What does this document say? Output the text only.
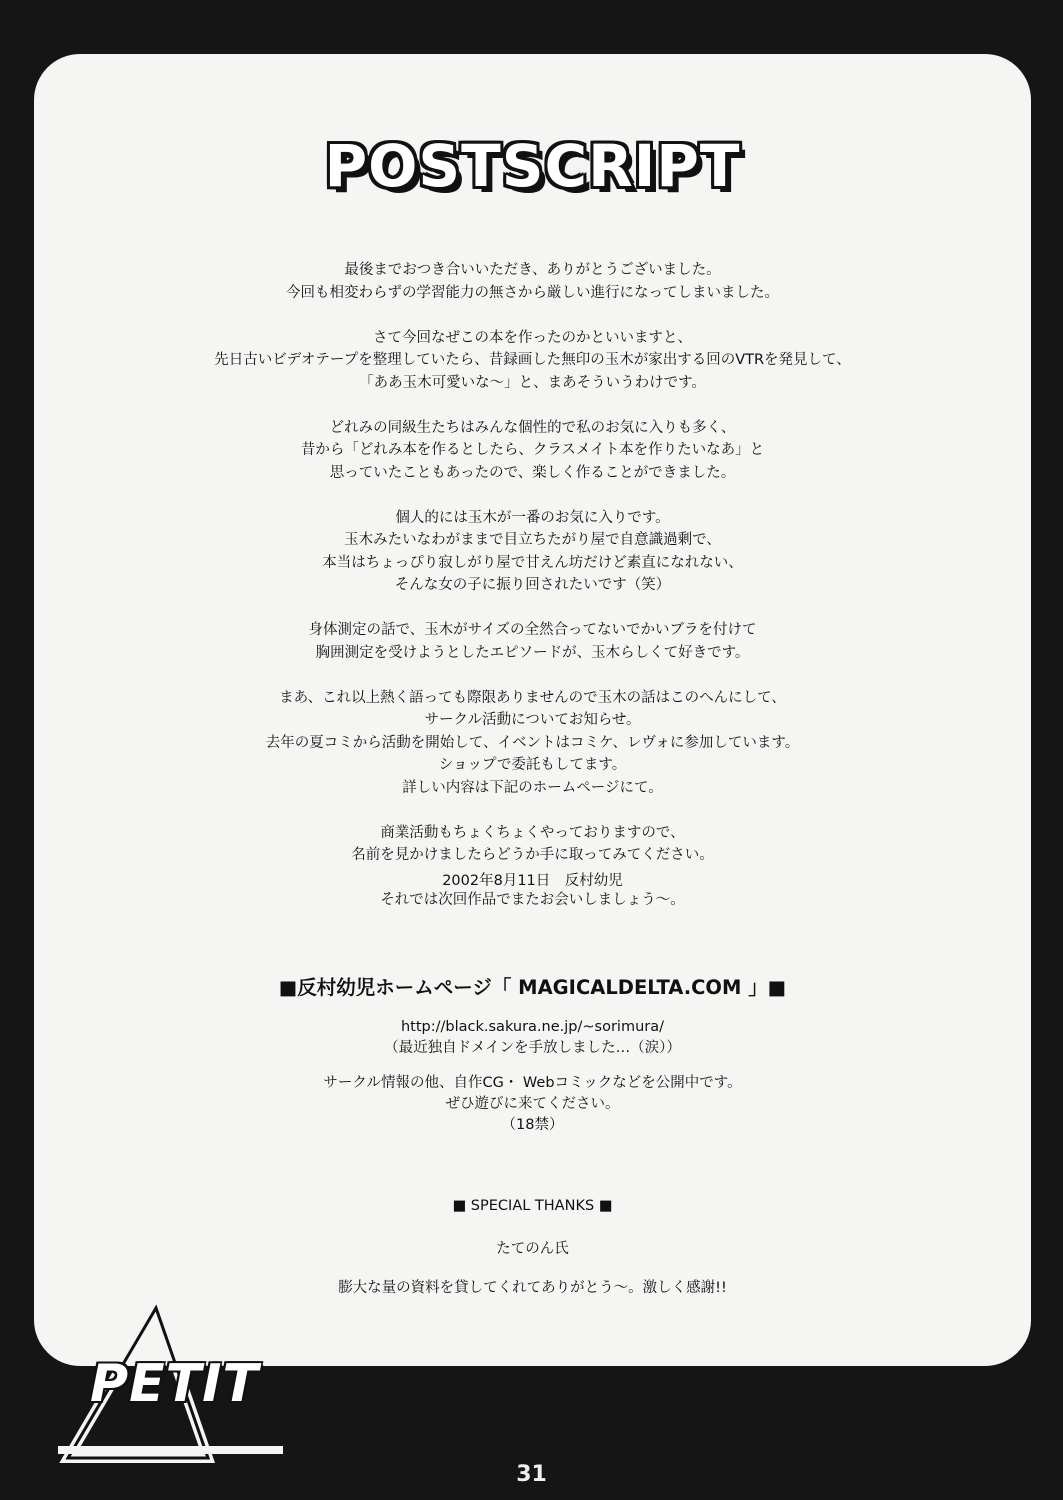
POSTSCRIPT

最後までおつき合いいただき、ありがとうございました。

今回も相変わらずの学習能力の無さから厳しい進行になってしまいました。

さて今回なぜこの本を作ったのかといいますと、

先日古いビデオテープを整理していたら、昔録画した無印の玉木が家出する回のVTRを発見して、

「ああ玉木可愛いな～」と、まあそういうわけです。

どれみの同級生たちはみんな個性的で私のお気に入りも多く、

昔から「どれみ本を作るとしたら、クラスメイト本を作りたいなあ」と

思っていたこともあったので、楽しく作ることができました。

個人的には玉木が一番のお気に入りです。

玉木みたいなわがままで目立ちたがり屋で自意識過剰で、

本当はちょっぴり寂しがり屋で甘えん坊だけど素直になれない、

そんな女の子に振り回されたいです（笑）

身体測定の話で、玉木がサイズの全然合ってないでかいブラを付けて

胸囲測定を受けようとしたエピソードが、玉木らしくて好きです。

まあ、これ以上熱く語っても際限ありませんので玉木の話はこのへんにして、

サークル活動についてお知らせ。

去年の夏コミから活動を開始して、イベントはコミケ、レヴォに参加しています。

ショップで委託もしてます。

詳しい内容は下記のホームページにて。

商業活動もちょくちょくやっておりますので、

名前を見かけましたらどうか手に取ってみてください。

それでは次回作品でまたお会いしましょう～。

2002年8月11日　反村幼児
■反村幼児ホームページ「 MAGICALDELTA.COM 」■

http://black.sakura.ne.jp/~sorimura/

（最近独自ドメインを手放しました…（涙））

サークル情報の他、自作CG・ Webコミックなどを公開中です。

ぜひ遊びに来てください。

（18禁）

■ SPECIAL THANKS ■
たてのん氏
膨大な量の資料を貸してくれてありがとう～。激しく感謝!!
デルタプチ
PETIT
31
